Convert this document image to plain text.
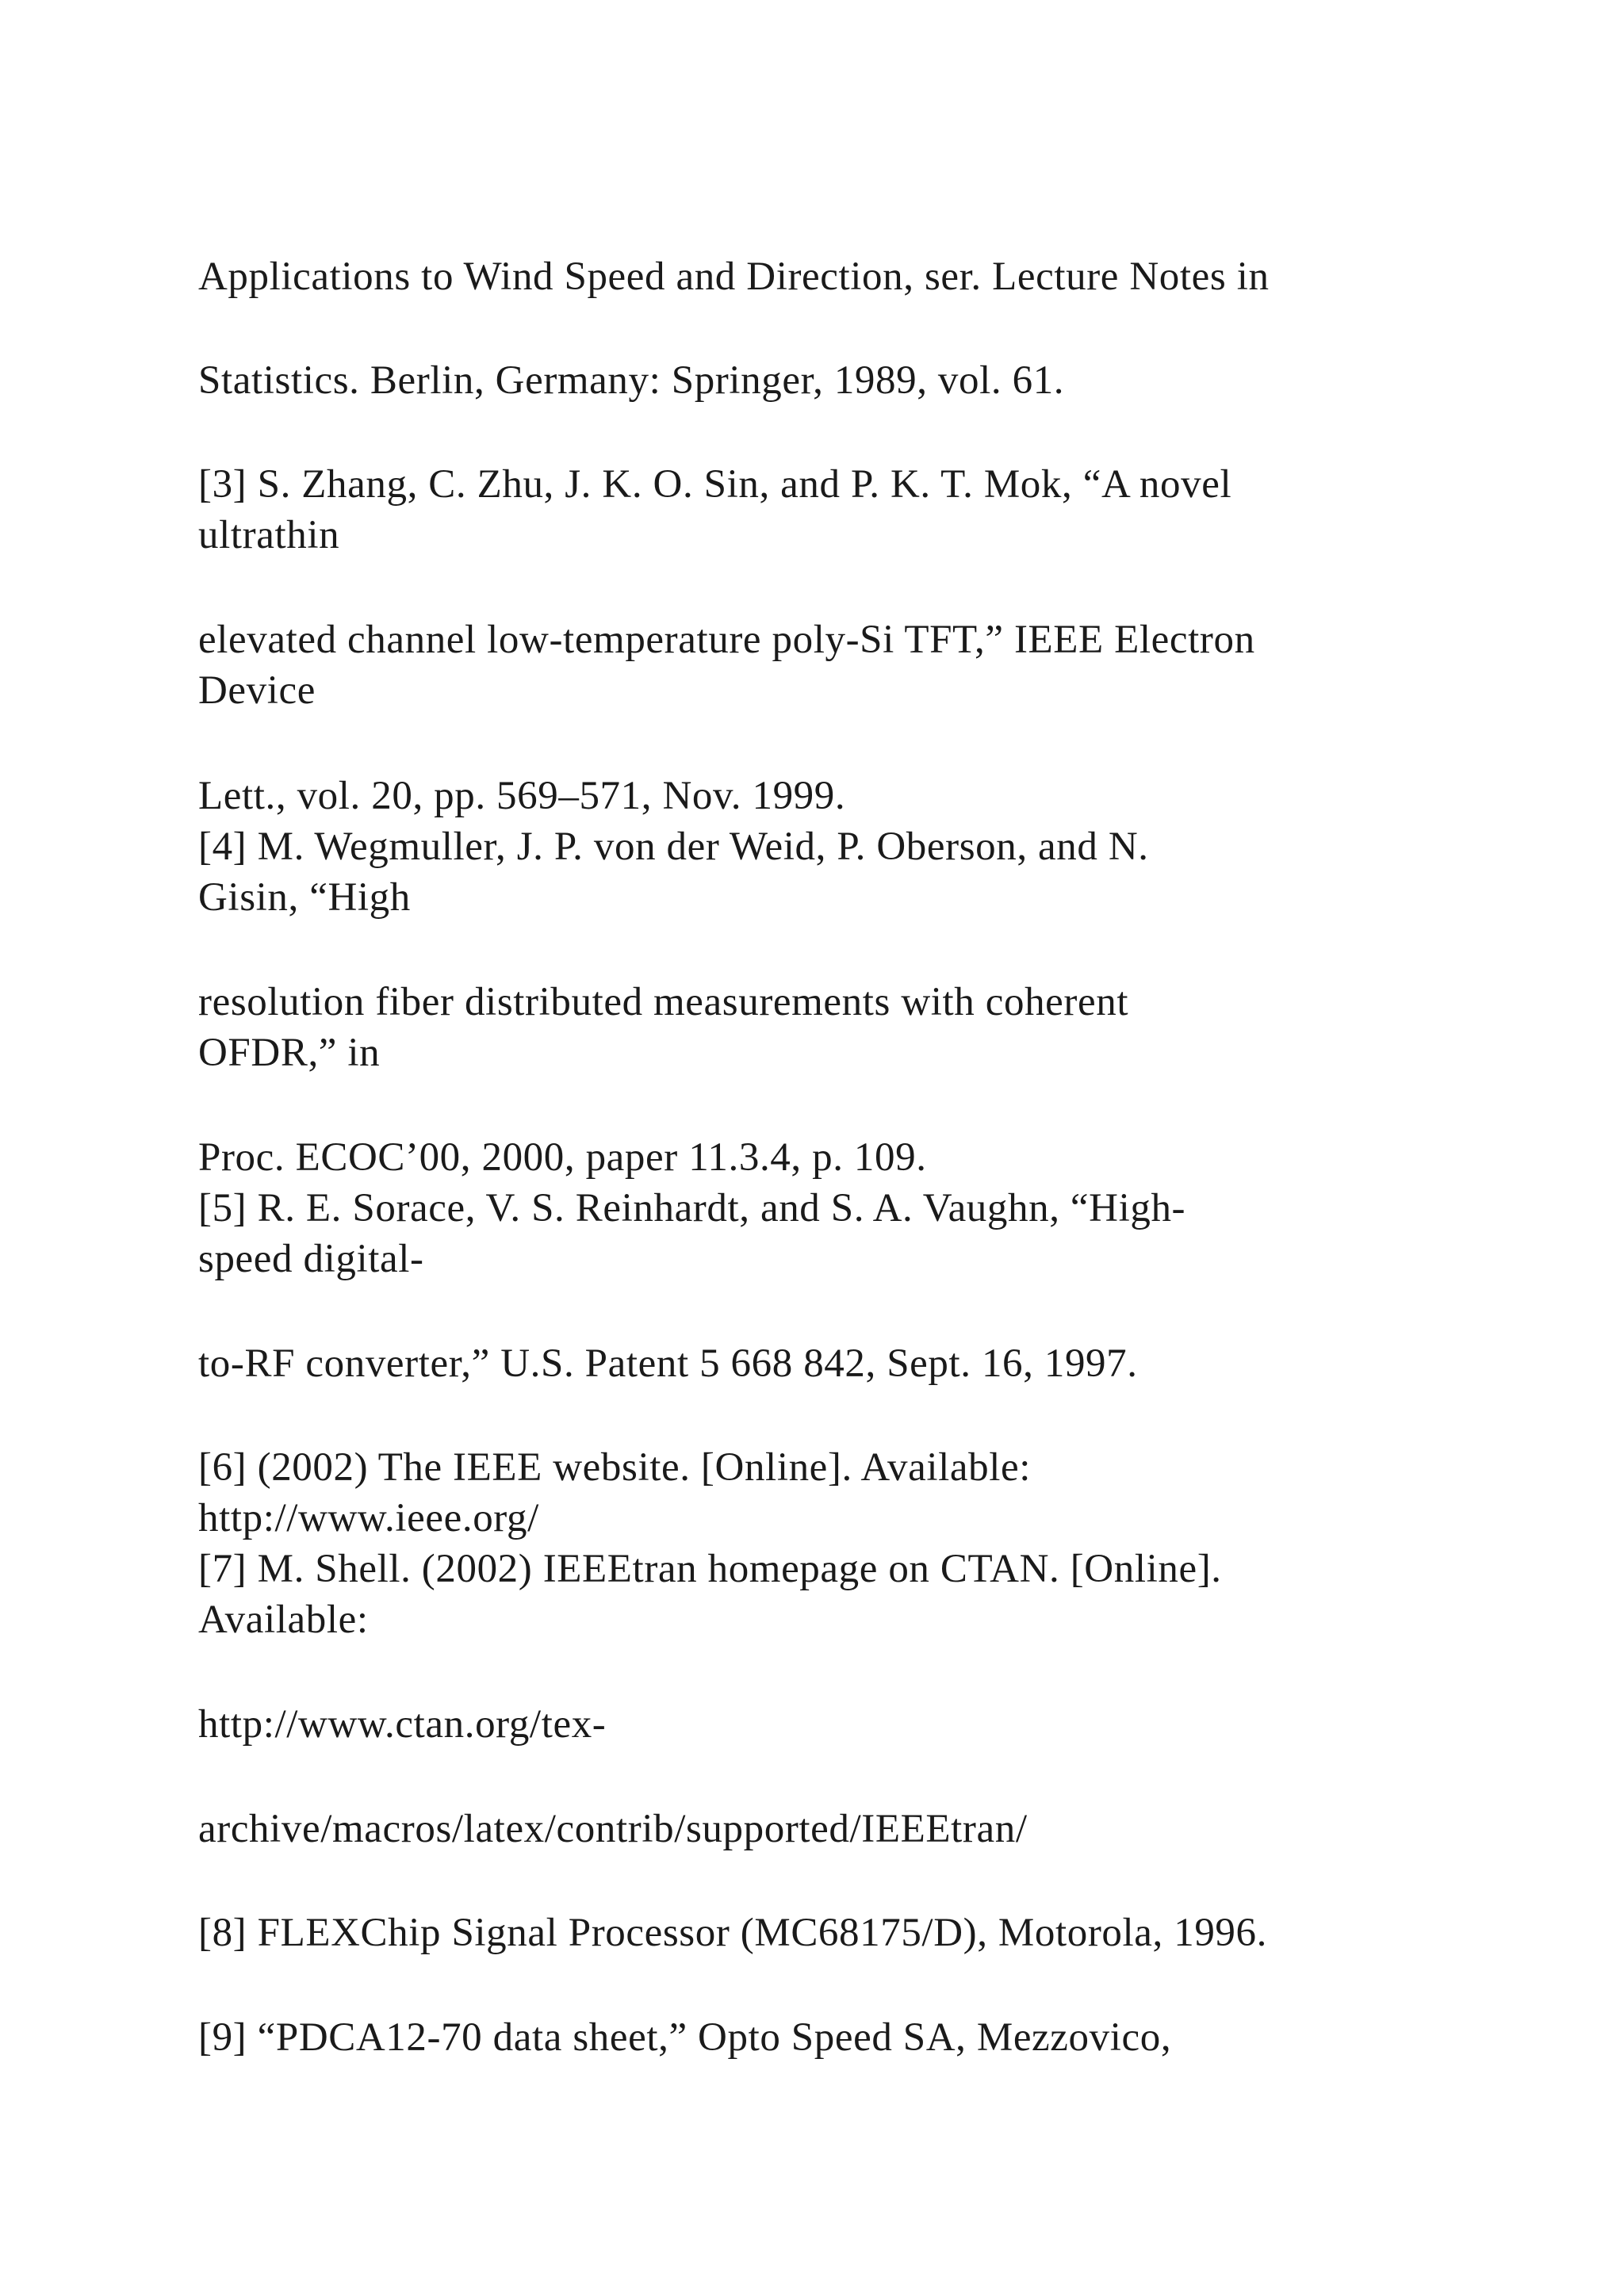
Applications to Wind Speed and Direction, ser. Lecture Notes in

Statistics. Berlin, Germany: Springer, 1989, vol. 61.

[3] S. Zhang, C. Zhu, J. K. O. Sin, and P. K. T. Mok, “A novel

ultrathin

elevated channel low-temperature poly-Si TFT,” IEEE Electron

Device

Lett., vol. 20, pp. 569–571, Nov. 1999.

[4] M. Wegmuller, J. P. von der Weid, P. Oberson, and N.

Gisin, “High

resolution fiber distributed measurements with coherent

OFDR,” in

Proc. ECOC’00, 2000, paper 11.3.4, p. 109.

[5] R. E. Sorace, V. S. Reinhardt, and S. A. Vaughn, “High-

speed digital-

to-RF converter,” U.S. Patent 5 668 842, Sept. 16, 1997.

[6] (2002) The IEEE website. [Online]. Available:

http://www.ieee.org/

[7] M. Shell. (2002) IEEEtran homepage on CTAN. [Online].

Available:

http://www.ctan.org/tex-

archive/macros/latex/contrib/supported/IEEEtran/

[8] FLEXChip Signal Processor (MC68175/D), Motorola, 1996.

[9] “PDCA12-70 data sheet,” Opto Speed SA, Mezzovico,
